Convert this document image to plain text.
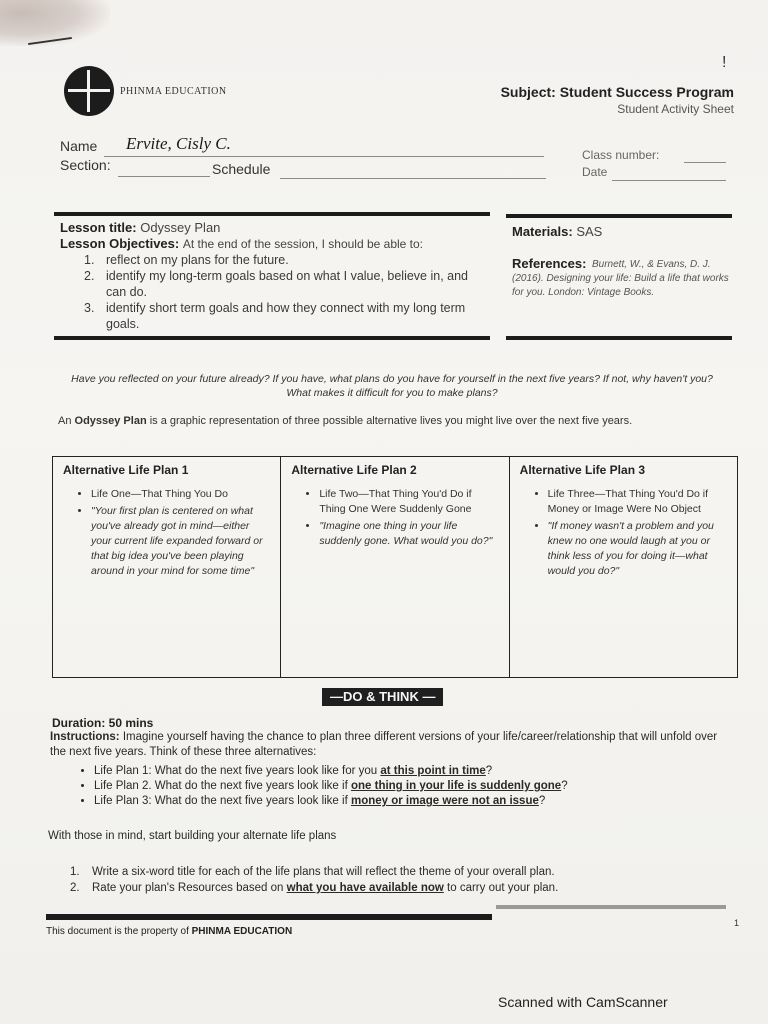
!
PHINMA EDUCATION	Subject: Student Success Program
Student Activity Sheet
Name Ervite, Cisly C.
Section:	Schedule
Class number:
Date
Lesson title: Odyssey Plan
Lesson Objectives: At the end of the session, I should be able to:
1. reflect on my plans for the future.
2. identify my long-term goals based on what I value, believe in, and can do.
3. identify short term goals and how they connect with my long term goals.
Materials: SAS
References: Burnett, W., & Evans, D. J. (2016). Designing your life: Build a life that works for you. London: Vintage Books.
Have you reflected on your future already? If you have, what plans do you have for yourself in the next five years? If not, why haven't you? What makes it difficult for you to make plans?
An Odyssey Plan is a graphic representation of three possible alternative lives you might live over the next five years.
Alternative Life Plan 1
• Life One—That Thing You Do
• "Your first plan is centered on what you've already got in mind—either your current life expanded forward or that big idea you've been playing around in your mind for some time"

Alternative Life Plan 2
• Life Two—That Thing You'd Do if Thing One Were Suddenly Gone
• "Imagine one thing in your life suddenly gone. What would you do?"

Alternative Life Plan 3
• Life Three—That Thing You'd Do if Money or Image Were No Object
• "If money wasn't a problem and you knew no one would laugh at you or think less of you for doing it—what would you do?"
—DO & THINK —
Duration: 50 mins
Instructions: Imagine yourself having the chance to plan three different versions of your life/career/relationship that will unfold over the next five years. Think of these three alternatives:
• Life Plan 1: What do the next five years look like for you at this point in time?
• Life Plan 2. What do the next five years look like if one thing in your life is suddenly gone?
• Life Plan 3: What do the next five years look like if money or image were not an issue?
With those in mind, start building your alternate life plans
1. Write a six-word title for each of the life plans that will reflect the theme of your overall plan.
2. Rate your plan's Resources based on what you have available now to carry out your plan.
This document is the property of PHINMA EDUCATION
1
Scanned with CamScanner
